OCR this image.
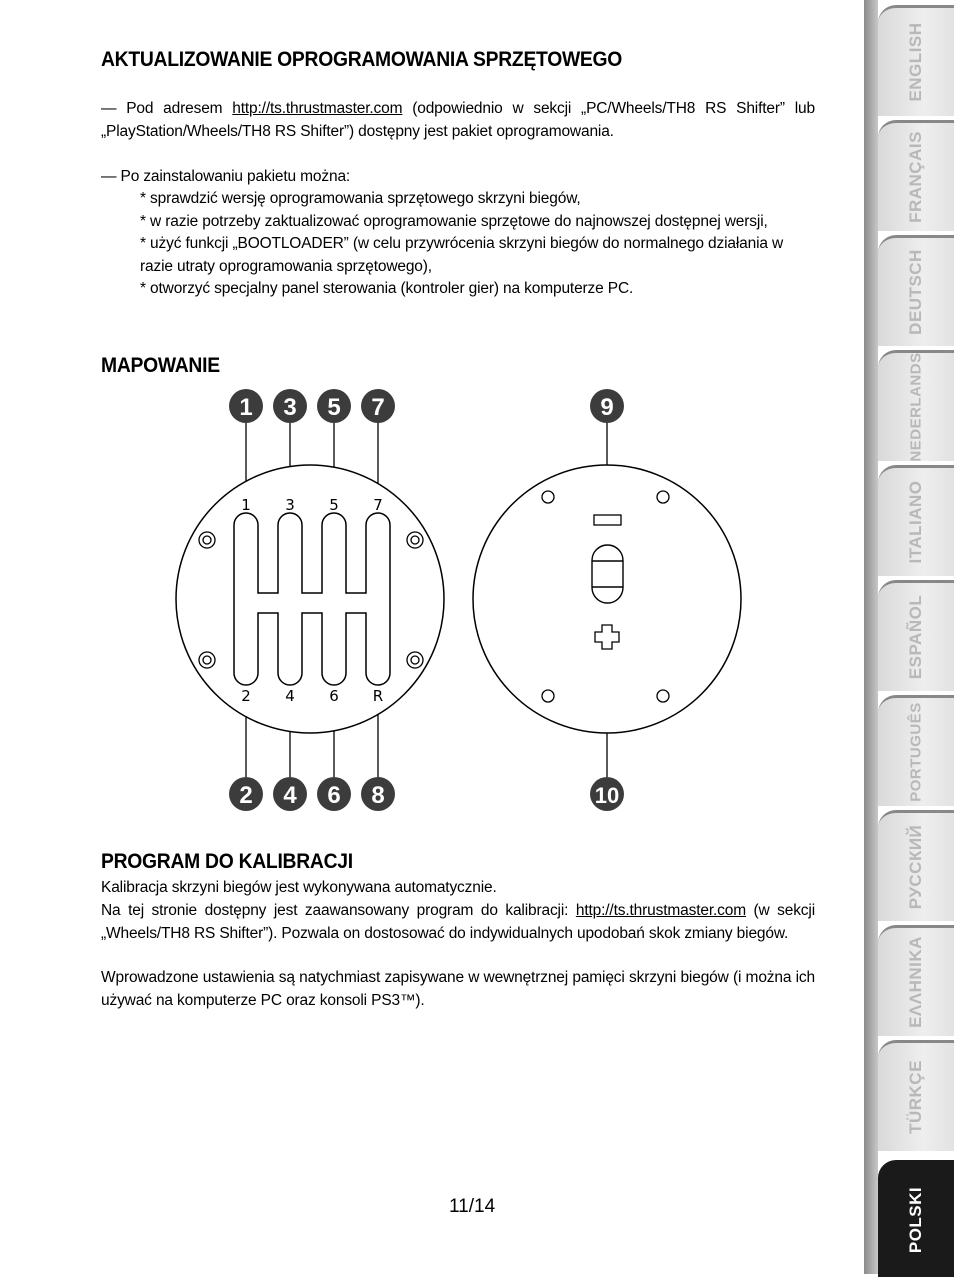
AKTUALIZOWANIE OPROGRAMOWANIA SPRZĘTOWEGO

— Pod adresem http://ts.thrustmaster.com (odpowiednio w sekcji „PC/Wheels/TH8 RS Shifter” lub „PlayStation/Wheels/TH8 RS Shifter”) dostępny jest pakiet oprogramowania.

— Po zainstalowaniu pakietu można:

* sprawdzić wersję oprogramowania sprzętowego skrzyni biegów,

* w razie potrzeby zaktualizować oprogramowanie sprzętowe do najnowszej dostępnej wersji,

* użyć funkcji „BOOTLOADER” (w celu przywrócenia skrzyni biegów do normalnego działania w razie utraty oprogramowania sprzętowego),

* otworzyć specjalny panel sterowania (kontroler gier) na komputerze PC.

MAPOWANIE
1 3 5 7
2 4 6 R
1 3 5 7	9
2 4 6 8	10
PROGRAM DO KALIBRACJI

Kalibracja skrzyni biegów jest wykonywana automatycznie.

Na tej stronie dostępny jest zaawansowany program do kalibracji: http://ts.thrustmaster.com (w sekcji „Wheels/TH8 RS Shifter”). Pozwala on dostosować do indywidualnych upodobań skok zmiany biegów.

Wprowadzone ustawienia są natychmiast zapisywane w wewnętrznej pamięci skrzyni biegów (i można ich używać na komputerze PC oraz konsoli PS3™).

11/14
ENGLISH
FRANÇAIS
DEUTSCH
NEDERLANDS
ITALIANO
ESPAÑOL
PORTUGUÊS
РУССКИЙ
ΕΛΛΗΝΙΚΑ
TÜRKÇE
POLSKI
